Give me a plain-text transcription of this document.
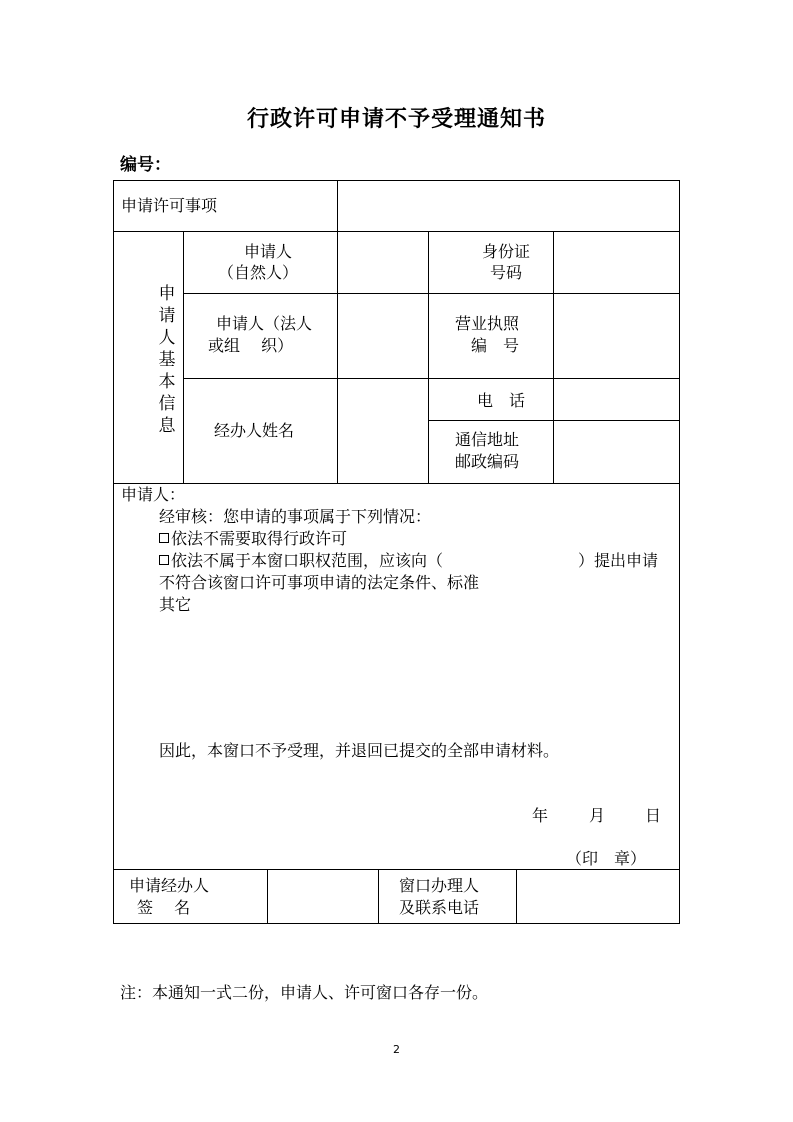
行政许可申请不予受理通知书
编号：
申请许可事项
申请人基本信息
申请人
（自然人）
身份证
号码
申请人（法人
或组　 织）
营业执照
编　号
经办人姓名
电　话
通信地址
邮政编码
申请人：
经审核：您申请的事项属于下列情况：
依法不需要取得行政许可
依法不属于本窗口职权范围，应该向（	）提出申请
不符合该窗口许可事项申请的法定条件、标准
其它
因此，本窗口不予受理，并退回已提交的全部申请材料。
年	月 日
（印　章）
申请经办人
签　 名
窗口办理人
及联系电话
注：本通知一式二份，申请人、许可窗口各存一份。
2
